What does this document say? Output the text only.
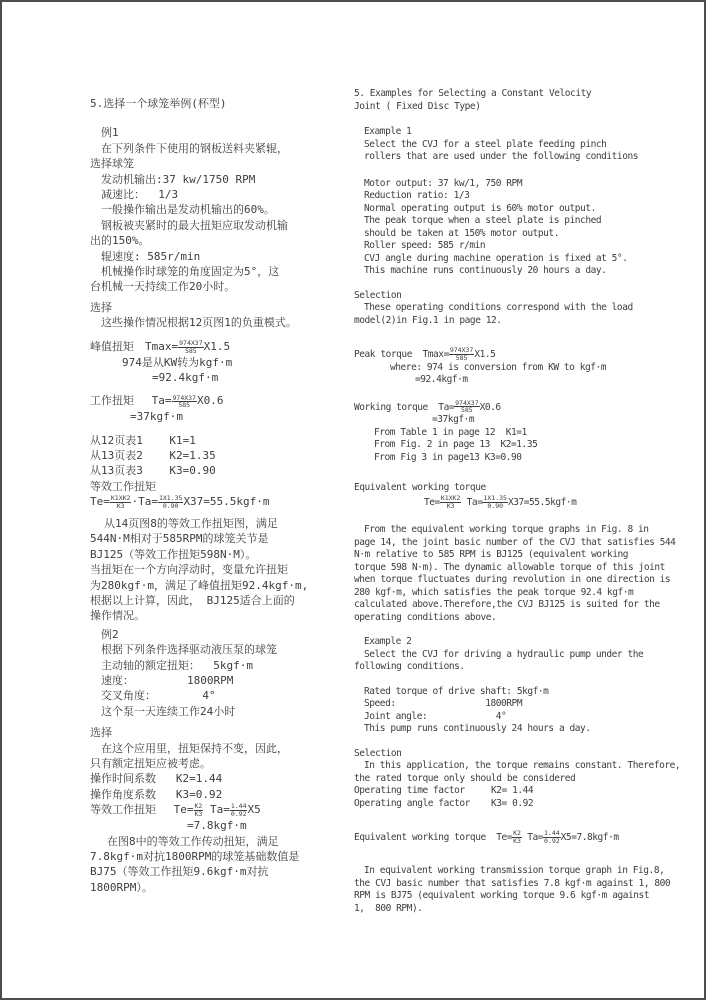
5.选择一个球笼举例(杯型)
例1
在下列条件下使用的钢板送料夹紧辊，
选择球笼
发动机输出:37 kw/1750 RPM
减速比：  1/3
一般操作输出是发动机输出的60%。
钢板被夹紧时的最大扭矩应取发动机输
出的150%。
辊速度: 585r/min
机械操作时球笼的角度固定为5°，这
台机械一天持续工作20小时。
选择
这些操作情况根据12页图1的负重模式。
峰值扭矩　$Tmax= \frac{974X37}{585} X1.5$
974是从KW转为kgf·m
=92.4kgf·m
工作扭矩　 $Ta= \frac{974X37}{585} X0.6$
=37kgf·m
从12页表1    K1=1
从13页表2    K2=1.35
从13页表3    K3=0.90
等效工作扭矩
$Te= \frac{K1XK2}{K3} \cdot Ta= \frac{1X1.35}{0.90} X37=55.5kgf\cdot m$
从14页图8的等效工作扭矩图，满足
544N·M相对于585RPM的球笼关节是
BJ125（等效工作扭矩598N·M）。
当扭矩在一个方向浮动时，变量允许扭矩
为280kgf·m，满足了峰值扭矩92.4kgf·m,
根据以上计算，因此， BJ125适合上面的
操作情况。
例2
根据下列条件选择驱动液压泵的球笼
主动轴的额定扭矩：  5kgf·m
速度：        1800RPM
交叉角度：       4°
这个泵一天连续工作24小时
选择
在这个应用里，扭矩保持不变，因此，
只有额定扭矩应被考虑。
操作时间系数   K2=1.44
操作角度系数   K3=0.92
等效工作扭矩　 $Te= \frac{K2}{K3} Ta= \frac{1.44}{0.92} X5$
=7.8kgf·m
在图8中的等效工作传动扭矩，满足
7.8kgf·m对抗1800RPM的球笼基础数值是
BJ75（等效工作扭矩9.6kgf·m对抗
1800RPM）。
5. Examples for Selecting a Constant Velocity
Joint ( Fixed Disc Type)
Example 1
Select the CVJ for a steel plate feeding pinch
rollers that are used under the following conditions
Motor output: 37 kw/1, 750 RPM
Reduction ratio: 1/3
Normal operating output is 60% motor output.
The peak torque when a steel plate is pinched
should be taken at 150% motor output.
Roller speed: 585 r/min
CVJ angle during machine operation is fixed at 5°.
This machine runs continuously 20 hours a day.
Selection
These operating conditions correspond with the load
model(2)in Fig.1 in page 12.
Peak torque  $Tmax= \frac{974X37}{585} X1.5$
where: 974 is conversion from KW to kgf·m
=92.4kgf·m
Working torque  $Ta= \frac{974X37}{585} X0.6$
=37kgf·m
From Table 1 in page 12  K1=1
From Fig. 2 in page 13  K2=1.35
From Fig 3 in page13 K3=0.90
Equivalent working torque
$Te= \frac{K1XK2}{K3} Ta= \frac{1X1.35}{0.90} X37=55.5kgf\cdot m$
From the equivalent working torque graphs in Fig. 8 in
page 14, the joint basic number of the CVJ that satisfies 544
N·m relative to 585 RPM is BJ125 (equivalent working
torque 598 N·m). The dynamic allowable torque of this joint
when torque fluctuates during revolution in one direction is
280 kgf·m, which satisfies the peak torque 92.4 kgf·m
calculated above.Therefore,the CVJ BJ125 is suited for the
operating conditions above.
Example 2
Select the CVJ for driving a hydraulic pump under the
following conditions.
Rated torque of drive shaft: 5kgf·m
Speed:                 1800RPM
Joint angle:             4°
This pump runs continuously 24 hours a day.
Selection
In this application, the torque remains constant. Therefore,
the rated torque only should be considered
Operating time factor     K2= 1.44
Operating angle factor    K3= 0.92
Equivalent working torque  $Te= \frac{K2}{K3} Ta= \frac{1.44}{0.92} X5=7.8kgf\cdot m$
In equivalent working transmission torque graph in Fig.8,
the CVJ basic number that satisfies 7.8 kgf·m against 1, 800
RPM is BJ75 (equivalent working torque 9.6 kgf·m against
1,  800 RPM).
